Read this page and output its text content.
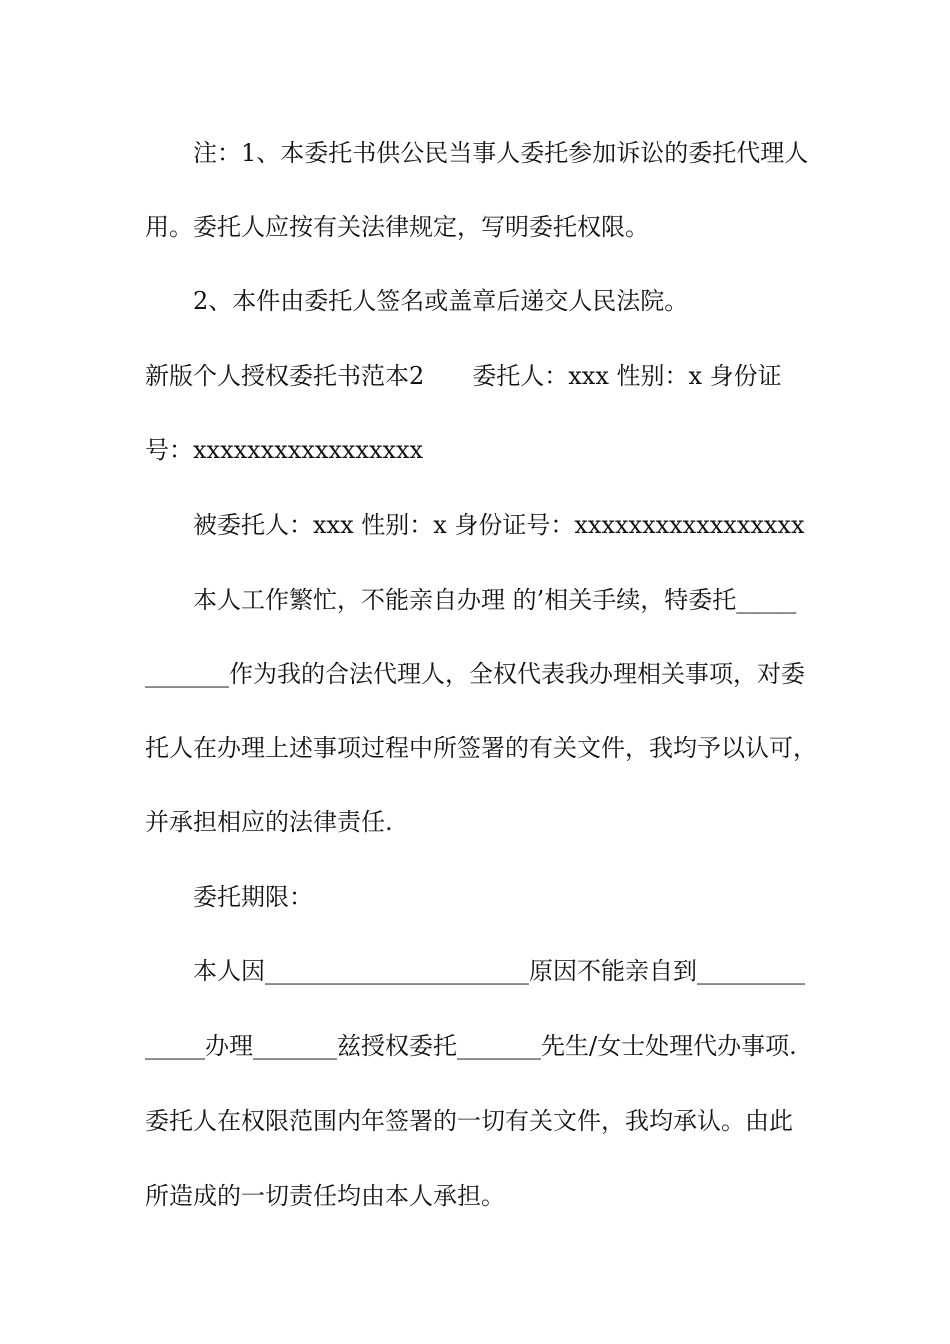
注：1、本委托书供公民当事人委托参加诉讼的委托代理人
用。委托人应按有关法律规定，写明委托权限。
2、本件由委托人签名或盖章后递交人民法院。
新版个人授权委托书范本2　　委托人：xxx 性别：x 身份证
号：xxxxxxxxxxxxxxxxx
被委托人：xxx 性别：x 身份证号：xxxxxxxxxxxxxxxxx
本人工作繁忙，不能亲自办理 的’相关手续，特委托_____
_______作为我的合法代理人，全权代表我办理相关事项，对委
托人在办理上述事项过程中所签署的有关文件，我均予以认可，
并承担相应的法律责任.
委托期限：
本人因______________________原因不能亲自到_________
_____办理_______兹授权委托_______先生/女士处理代办事项.
委托人在权限范围内年签署的一切有关文件，我均承认。由此
所造成的一切责任均由本人承担。
